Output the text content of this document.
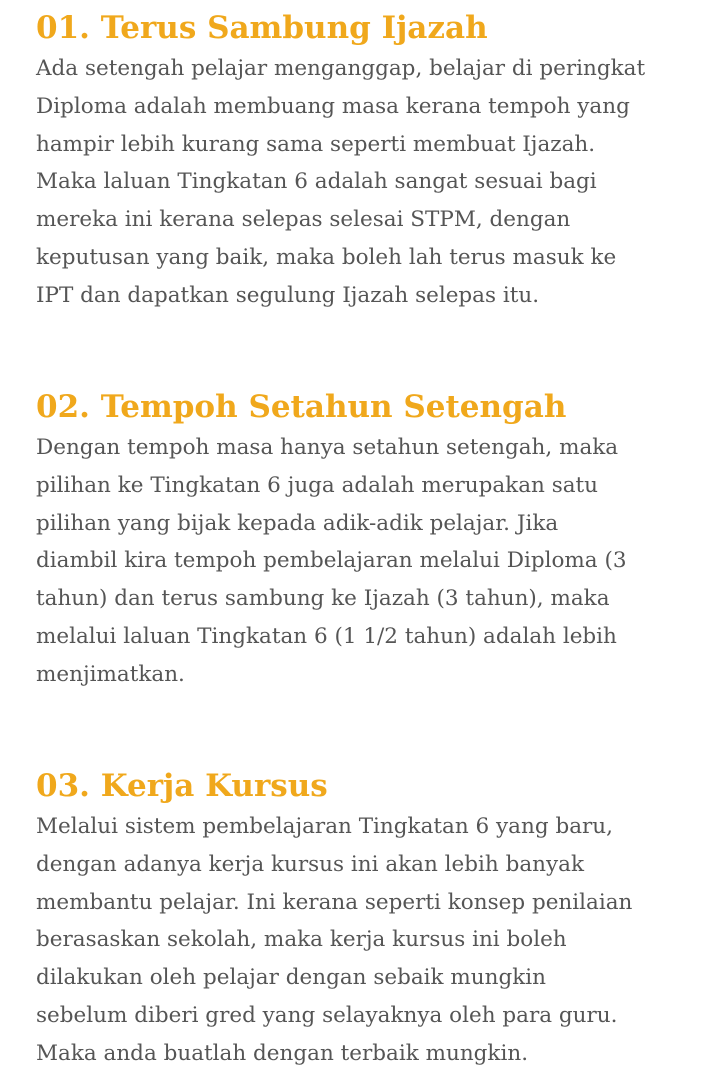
01. Terus Sambung Ijazah

Ada setengah pelajar menganggap, belajar di peringkat
Diploma adalah membuang masa kerana tempoh yang
hampir lebih kurang sama seperti membuat Ijazah.
Maka laluan Tingkatan 6 adalah sangat sesuai bagi
mereka ini kerana selepas selesai STPM, dengan
keputusan yang baik, maka boleh lah terus masuk ke
IPT dan dapatkan segulung Ijazah selepas itu.

02. Tempoh Setahun Setengah

Dengan tempoh masa hanya setahun setengah, maka
pilihan ke Tingkatan 6 juga adalah merupakan satu
pilihan yang bijak kepada adik-adik pelajar. Jika
diambil kira tempoh pembelajaran melalui Diploma (3
tahun) dan terus sambung ke Ijazah (3 tahun), maka
melalui laluan Tingkatan 6 (1 1/2 tahun) adalah lebih
menjimatkan.

03. Kerja Kursus

Melalui sistem pembelajaran Tingkatan 6 yang baru,
dengan adanya kerja kursus ini akan lebih banyak
membantu pelajar. Ini kerana seperti konsep penilaian
berasaskan sekolah, maka kerja kursus ini boleh
dilakukan oleh pelajar dengan sebaik mungkin
sebelum diberi gred yang selayaknya oleh para guru.
Maka anda buatlah dengan terbaik mungkin.
